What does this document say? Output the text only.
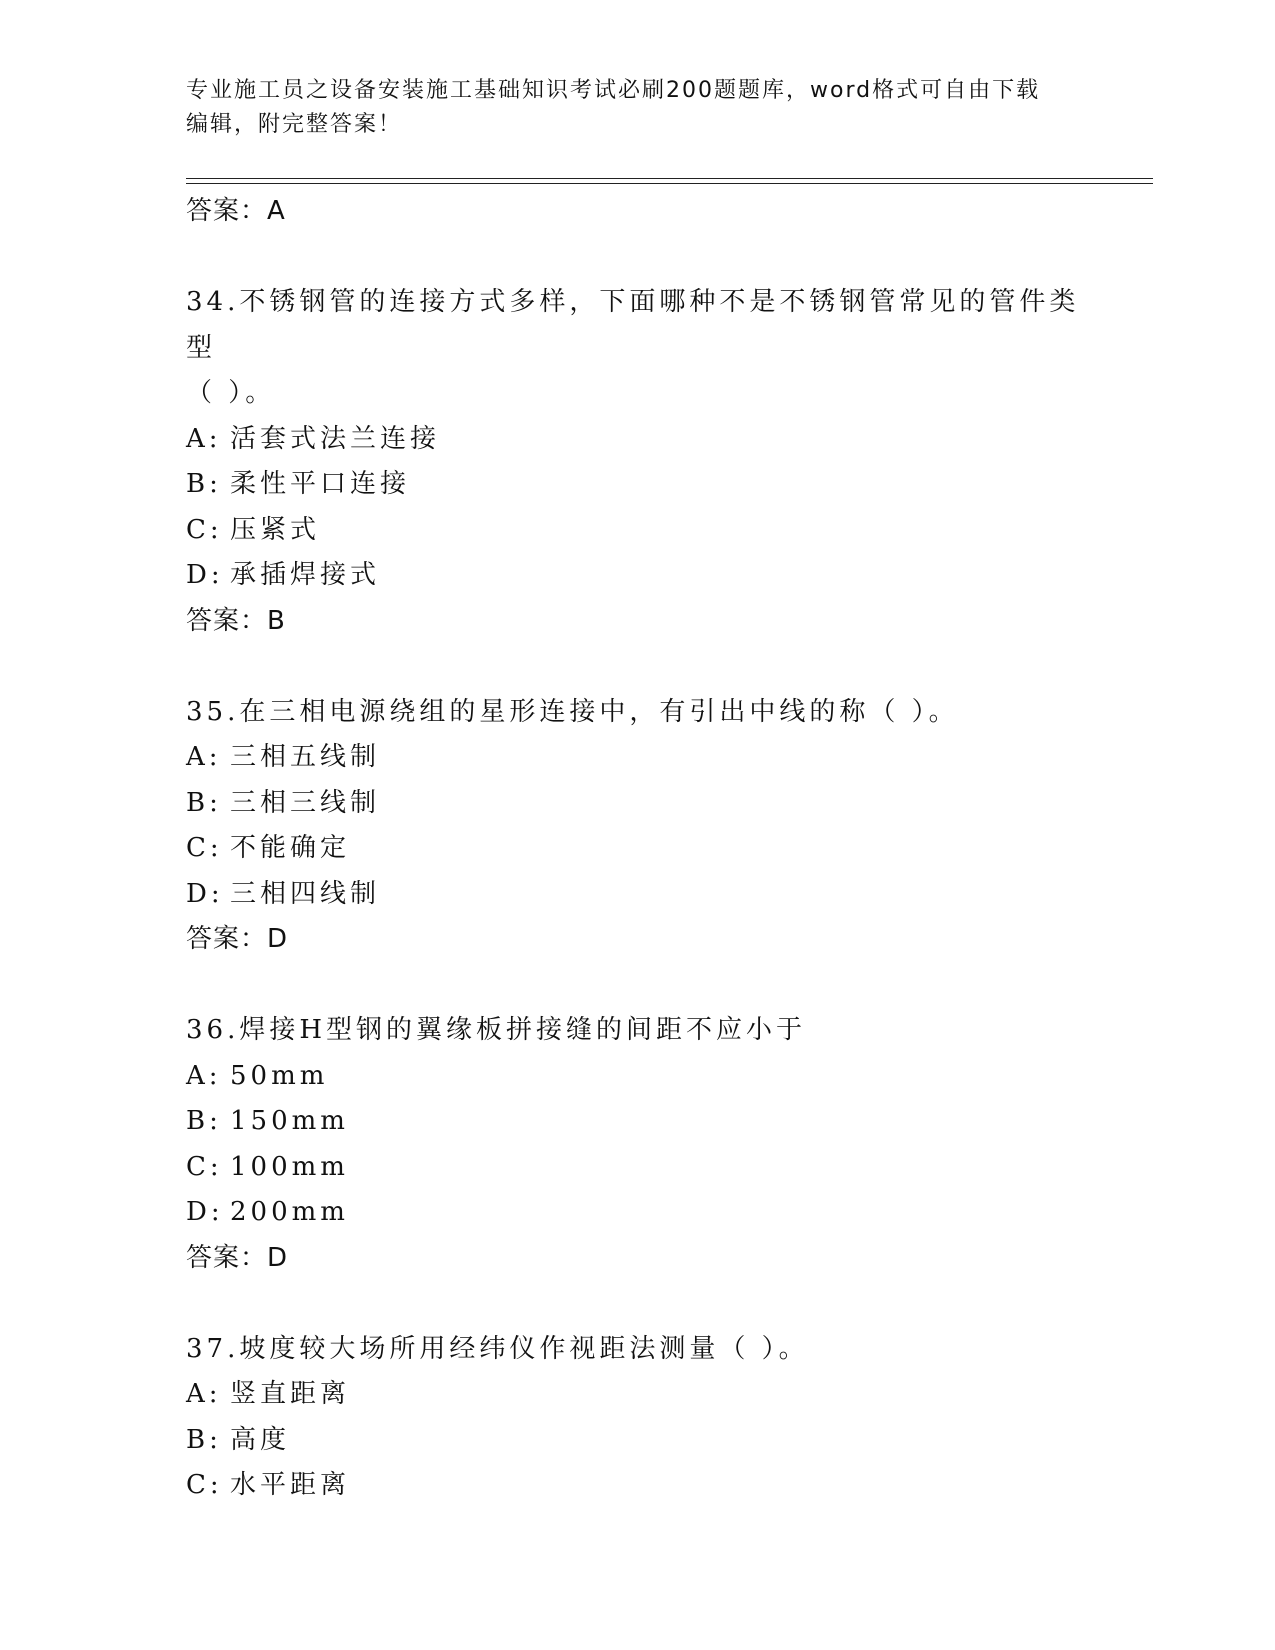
专业施工员之设备安装施工基础知识考试必刷200题题库，word格式可自由下载
编辑，附完整答案！
答案：A
34.不锈钢管的连接方式多样，下面哪种不是不锈钢管常见的管件类型
（ ）。
A: 活套式法兰连接
B: 柔性平口连接
C: 压紧式
D: 承插焊接式
答案：B
35.在三相电源绕组的星形连接中，有引出中线的称（ ）。
A: 三相五线制
B: 三相三线制
C: 不能确定
D: 三相四线制
答案：D
36.焊接H型钢的翼缘板拼接缝的间距不应小于
A: 50mm
B: 150mm
C: 100mm
D: 200mm
答案：D
37.坡度较大场所用经纬仪作视距法测量（ ）。
A: 竖直距离
B: 高度
C: 水平距离
